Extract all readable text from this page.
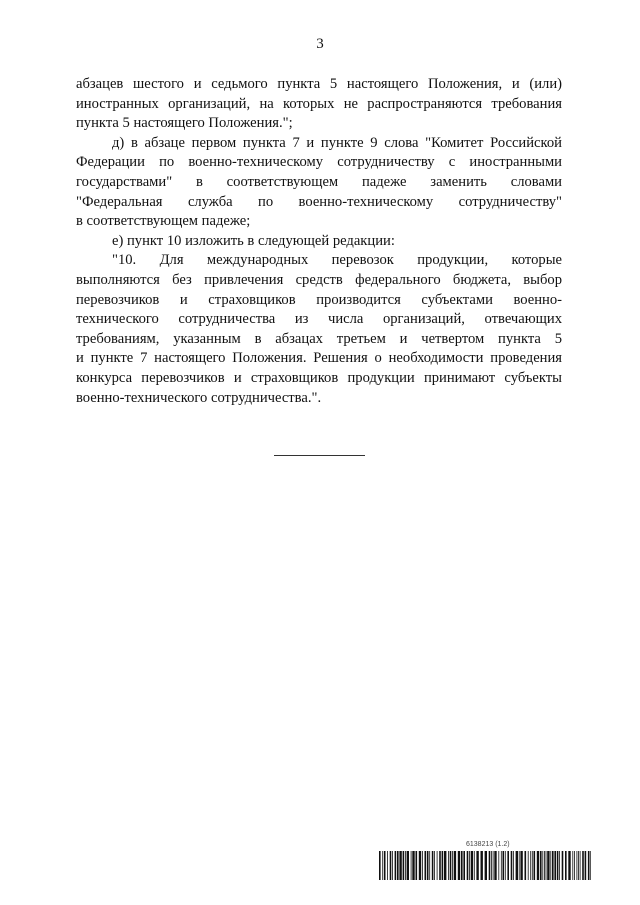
3
абзацев шестого и седьмого пункта 5 настоящего Положения, и (или)
иностранных организаций, на которых не распространяются требования
пункта 5 настоящего Положения.";
д) в абзаце первом пункта 7 и пункте 9 слова "Комитет Российской
Федерации по военно-техническому сотрудничеству с иностранными
государствами" в соответствующем падеже заменить словами
"Федеральная служба по военно-техническому сотрудничеству"
в соответствующем падеже;
е) пункт 10 изложить в следующей редакции:
"10. Для международных перевозок продукции, которые
выполняются без привлечения средств федерального бюджета, выбор
перевозчиков и страховщиков производится субъектами военно-
технического сотрудничества из числа организаций, отвечающих
требованиям, указанным в абзацах третьем и четвертом пункта 5
и пункте 7 настоящего Положения. Решения о необходимости проведения
конкурса перевозчиков и страховщиков продукции принимают субъекты
военно-технического сотрудничества.".
6138213 (1.2)
